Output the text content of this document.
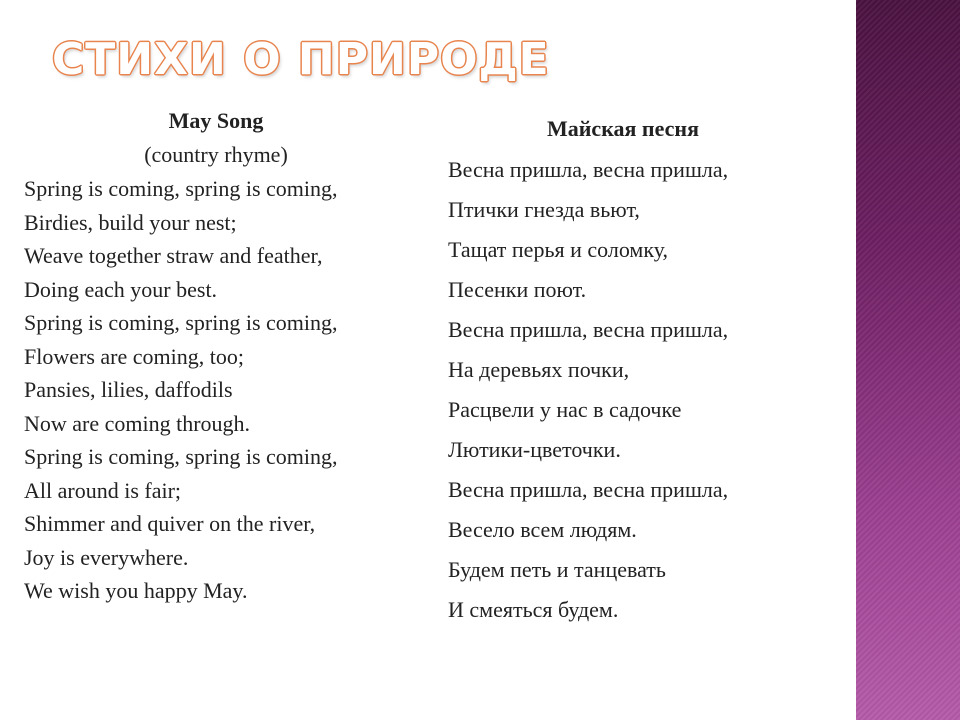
СТИХИ О ПРИРОДЕ
May Song
(country rhyme)
Spring is coming, spring is coming,
Birdies, build your nest;
Weave together straw and feather,
Doing each your best.
Spring is coming, spring is coming,
Flowers are coming, too;
Pansies, lilies, daffodils
Now are coming through.
Spring is coming, spring is coming,
All around is fair;
Shimmer and quiver on the river,
Joy is everywhere.
We wish you happy May.
Майская песня
Весна пришла, весна пришла,
Птички гнезда вьют,
Тащат перья и соломку,
Песенки поют.
Весна пришла, весна пришла,
На деревьях почки,
Расцвели у нас в садочке
Лютики-цветочки.
Весна пришла, весна пришла,
Весело всем людям.
Будем петь и танцевать
И смеяться будем.
